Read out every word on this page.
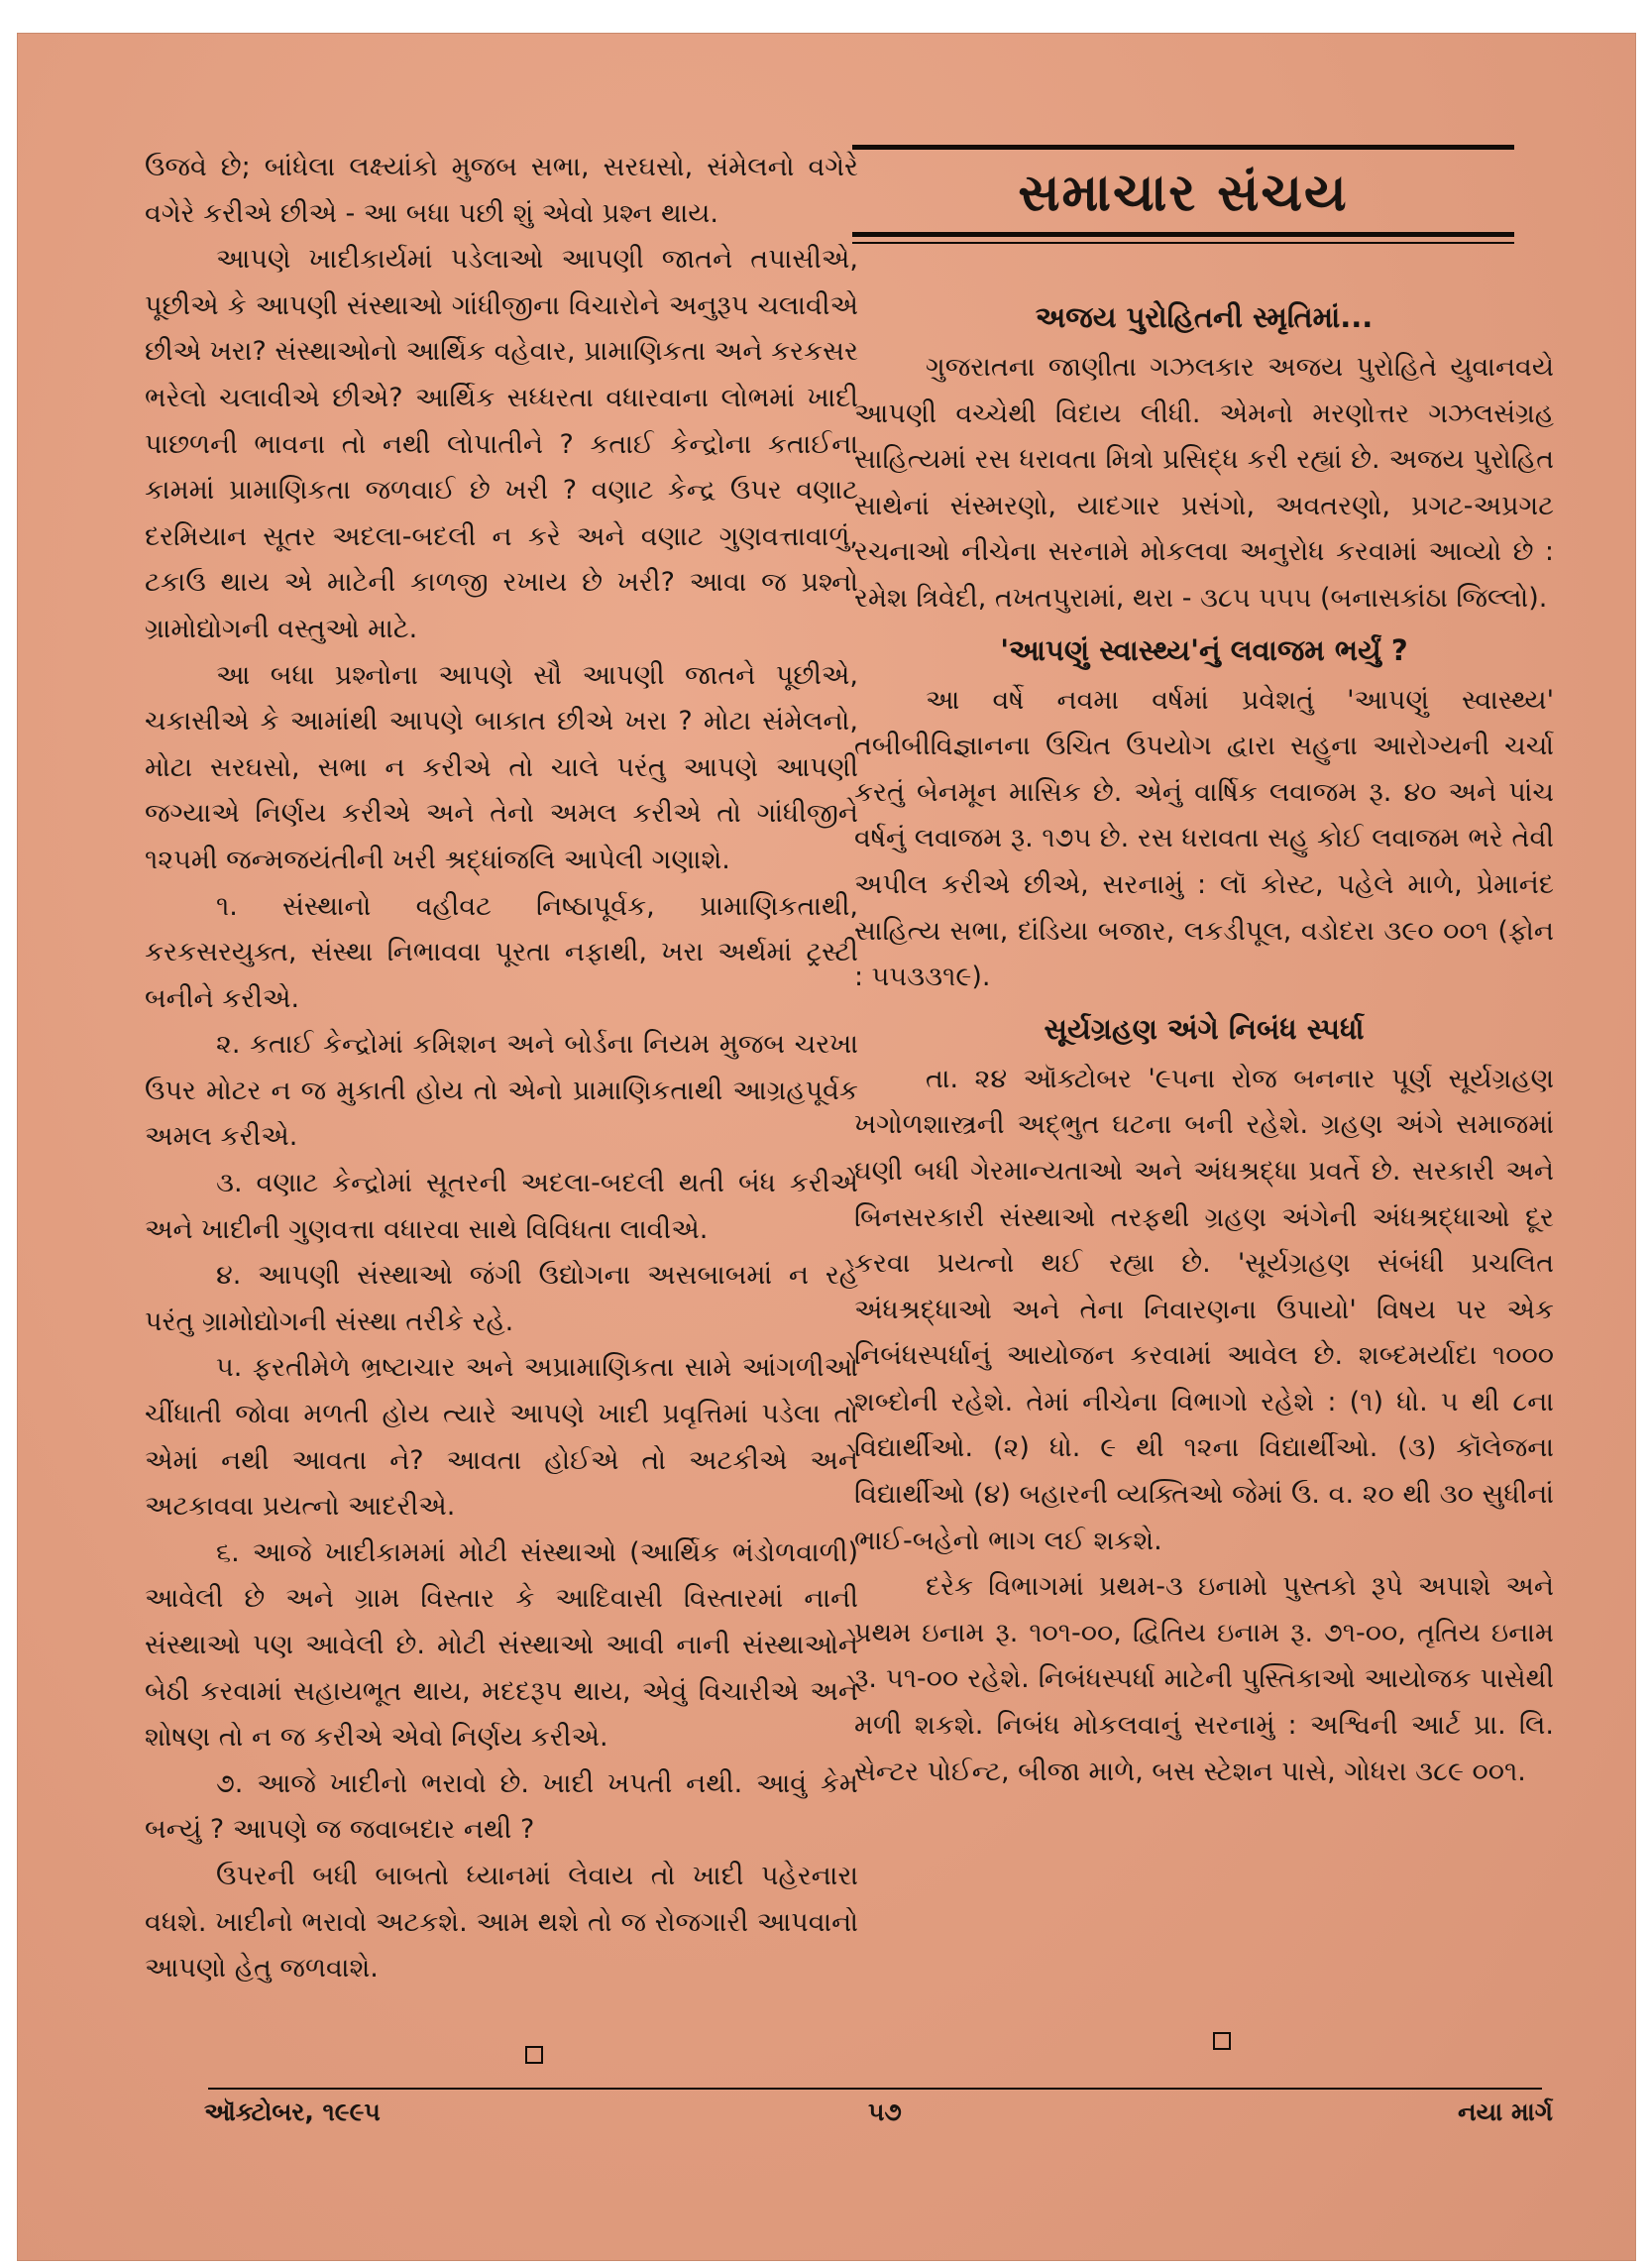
ઉજવે છે; બાંધેલા લક્ષ્યાંકો મુજબ સભા, સરઘસો, સંમેલનો વગેરે વગેરે કરીએ છીએ - આ બધા પછી શું એવો પ્રશ્ન થાય.

આપણે ખાદીકાર્યમાં પડેલાઓ આપણી જાતને તપાસીએ, પૂછીએ કે આપણી સંસ્થાઓ ગાંધીજીના વિચારોને અનુરૂપ ચલાવીએ છીએ ખરા? સંસ્થાઓનો આર્થિક વહેવાર, પ્રામાણિકતા અને કરકસર ભરેલો ચલાવીએ છીએ? આર્થિક સધ્ધરતા વધારવાના લોભમાં ખાદી પાછળની ભાવના તો નથી લોપાતીને ? કતાઈ કેન્દ્રોના કતાઈના કામમાં પ્રામાણિકતા જળવાઈ છે ખરી ? વણાટ કેન્દ્ર ઉપર વણાટ દરમિયાન સૂતર અદલા-બદલી ન કરે અને વણાટ ગુણવત્તાવાળું, ટકાઉ થાય એ માટેની કાળજી રખાય છે ખરી? આવા જ પ્રશ્નો ગ્રામોદ્યોગની વસ્તુઓ માટે.

આ બધા પ્રશ્નોના આપણે સૌ આપણી જાતને પૂછીએ, ચકાસીએ કે આમાંથી આપણે બાકાત છીએ ખરા ? મોટા સંમેલનો, મોટા સરઘસો, સભા ન કરીએ તો ચાલે પરંતુ આપણે આપણી જગ્યાએ નિર્ણય કરીએ અને તેનો અમલ કરીએ તો ગાંધીજીને ૧૨૫મી જન્મજયંતીની ખરી શ્રદ્ધાંજલિ આપેલી ગણાશે.

૧. સંસ્થાનો વહીવટ નિષ્ઠાપૂર્વક, પ્રામાણિકતાથી, કરકસરયુક્ત, સંસ્થા નિભાવવા પૂરતા નફાથી, ખરા અર્થમાં ટ્રસ્ટી બનીને કરીએ.

૨. કતાઈ કેન્દ્રોમાં કમિશન અને બોર્ડના નિયમ મુજબ ચરખા ઉપર મોટર ન જ મુકાતી હોય તો એનો પ્રામાણિકતાથી આગ્રહપૂર્વક અમલ કરીએ.

૩. વણાટ કેન્દ્રોમાં સૂતરની અદલા-બદલી થતી બંધ કરીએ અને ખાદીની ગુણવત્તા વધારવા સાથે વિવિધતા લાવીએ.

૪. આપણી સંસ્થાઓ જંગી ઉદ્યોગના અસબાબમાં ન રહે પરંતુ ગ્રામોદ્યોગની સંસ્થા તરીકે રહે.

૫. ફરતીમેળે ભ્રષ્ટાચાર અને અપ્રામાણિકતા સામે આંગળીઓ ચીંધાતી જોવા મળતી હોય ત્યારે આપણે ખાદી પ્રવૃત્તિમાં પડેલા તો એમાં નથી આવતા ને? આવતા હોઈએ તો અટકીએ અને અટકાવવા પ્રયત્નો આદરીએ.

૬. આજે ખાદીકામમાં મોટી સંસ્થાઓ (આર્થિક ભંડોળવાળી) આવેલી છે અને ગ્રામ વિસ્તાર કે આદિવાસી વિસ્તારમાં નાની સંસ્થાઓ પણ આવેલી છે. મોટી સંસ્થાઓ આવી નાની સંસ્થાઓને બેઠી કરવામાં સહાયભૂત થાય, મદદરૂપ થાય, એવું વિચારીએ અને શોષણ તો ન જ કરીએ એવો નિર્ણય કરીએ.

૭. આજે ખાદીનો ભરાવો છે. ખાદી ખપતી નથી. આવું કેમ બન્યું ? આપણે જ જવાબદાર નથી ?

ઉપરની બધી બાબતો ધ્યાનમાં લેવાય તો ખાદી પહેરનારા વધશે. ખાદીનો ભરાવો અટકશે. આમ થશે તો જ રોજગારી આપવાનો આપણો હેતુ જળવાશે.

સમાચાર સંચય
અજય પુરોહિતની સ્મૃતિમાં...

ગુજરાતના જાણીતા ગઝલકાર અજય પુરોહિતે યુવાનવયે આપણી વચ્ચેથી વિદાય લીધી. એમનો મરણોત્તર ગઝલસંગ્રહ સાહિત્યમાં રસ ધરાવતા મિત્રો પ્રસિદ્ધ કરી રહ્યાં છે. અજય પુરોહિત સાથેનાં સંસ્મરણો, યાદગાર પ્રસંગો, અવતરણો, પ્રગટ-અપ્રગટ રચનાઓ નીચેના સરનામે મોકલવા અનુરોધ કરવામાં આવ્યો છે : રમેશ ત્રિવેદી, તખતપુરામાં, થરા - ૩૮૫ ૫૫૫ (બનાસકાંઠા જિલ્લો).

'આપણું સ્વાસ્થ્ય'નું લવાજમ ભર્યું ?

આ વર્ષે નવમા વર્ષમાં પ્રવેશતું 'આપણું સ્વાસ્થ્ય' તબીબીવિજ્ઞાનના ઉચિત ઉપયોગ દ્વારા સહુના આરોગ્યની ચર્ચા કરતું બેનમૂન માસિક છે. એનું વાર્ષિક લવાજમ રૂ. ૪૦ અને પાંચ વર્ષનું લવાજમ રૂ. ૧૭૫ છે. રસ ધરાવતા સહુ કોઈ લવાજમ ભરે તેવી અપીલ કરીએ છીએ, સરનામું : લૉ કોસ્ટ, પહેલે માળે, પ્રેમાનંદ સાહિત્ય સભા, દાંડિયા બજાર, લકડીપૂલ, વડોદરા ૩૯૦ ૦૦૧ (ફોન : ૫૫૩૩૧૯).

સૂર્યગ્રહણ અંગે નિબંધ સ્પર્ધા

તા. ૨૪ ઑક્ટોબર '૯૫ના રોજ બનનાર પૂર્ણ સૂર્યગ્રહણ ખગોળશાસ્ત્રની અદ્ભુત ઘટના બની રહેશે. ગ્રહણ અંગે સમાજમાં ઘણી બધી ગેરમાન્યતાઓ અને અંધશ્રદ્ધા પ્રવર્તે છે. સરકારી અને બિનસરકારી સંસ્થાઓ તરફથી ગ્રહણ અંગેની અંધશ્રદ્ધાઓ દૂર કરવા પ્રયત્નો થઈ રહ્યા છે. 'સૂર્યગ્રહણ સંબંધી પ્રચલિત અંધશ્રદ્ધાઓ અને તેના નિવારણના ઉપાયો' વિષય પર એક નિબંધસ્પર્ધાનું આયોજન કરવામાં આવેલ છે. શબ્દમર્યાદા ૧૦૦૦ શબ્દોની રહેશે. તેમાં નીચેના વિભાગો રહેશે : (૧) ધો. ૫ થી ૮ના વિદ્યાર્થીઓ. (૨) ધો. ૯ થી ૧૨ના વિદ્યાર્થીઓ. (૩) કૉલેજના વિદ્યાર્થીઓ (૪) બહારની વ્યક્તિઓ જેમાં ઉ. વ. ૨૦ થી ૩૦ સુધીનાં ભાઈ-બહેનો ભાગ લઈ શકશે.

દરેક વિભાગમાં પ્રથમ-૩ ઇનામો પુસ્તકો રૂપે અપાશે અને પ્રથમ ઇનામ રૂ. ૧૦૧-૦૦, દ્વિતિય ઇનામ રૂ. ૭૧-૦૦, તૃતિય ઇનામ રૂ. ૫૧-૦૦ રહેશે. નિબંધસ્પર્ધા માટેની પુસ્તિકાઓ આયોજક પાસેથી મળી શકશે. નિબંધ મોકલવાનું સરનામું : અશ્વિની આર્ટ પ્રા. લિ. સેન્ટર પોઈન્ટ, બીજા માળે, બસ સ્ટેશન પાસે, ગોધરા ૩૮૯ ૦૦૧.

ઑક્ટોબર, ૧૯૯૫	૫૭	નયા માર્ગ
